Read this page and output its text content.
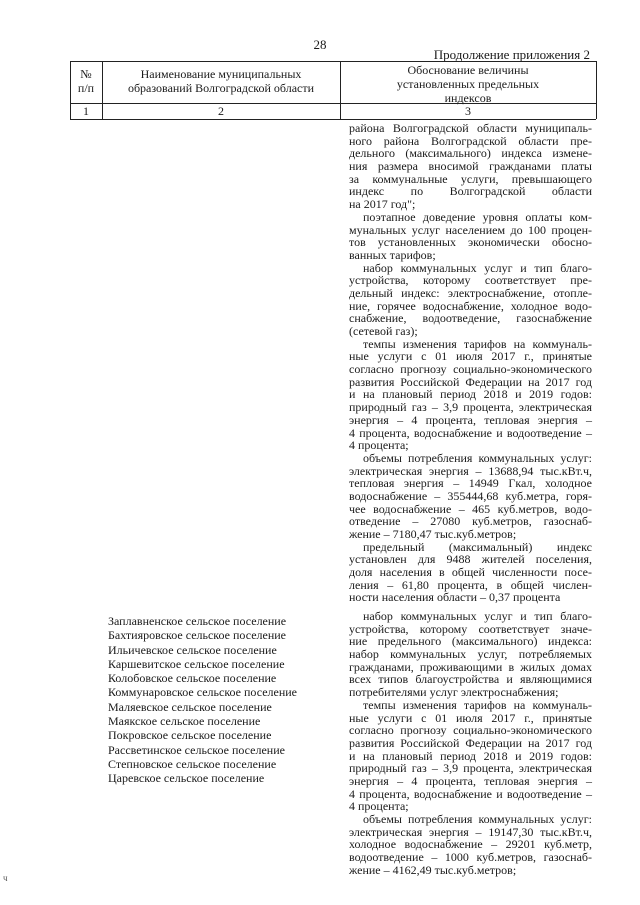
28
Продолжение приложения 2
№
п/п
Наименование муниципальных
образований Волгоградской области
Обоснование величины
установленных предельных
индексов
1	2	3
района Волгоградской области муниципаль-
ного района Волгоградской области пре-
дельного (максимального) индекса измене-
ния размера вносимой гражданами платы
за коммунальные услуги, превышающего
индекс по Волгоградской области
на 2017 год";
поэтапное доведение уровня оплаты ком-
мунальных услуг населением до 100 процен-
тов установленных экономически обосно-
ванных тарифов;
набор коммунальных услуг и тип благо-
устройства, которому соответствует пре-
дельный индекс: электроснабжение, отопле-
ние, горячее водоснабжение, холодное водо-
снабжение, водоотведение, газоснабжение
(сетевой газ);
темпы изменения тарифов на коммуналь-
ные услуги с 01 июля 2017 г., принятые
согласно прогнозу социально-экономического
развития Российской Федерации на 2017 год
и на плановый период 2018 и 2019 годов:
природный газ – 3,9 процента, электрическая
энергия – 4 процента, тепловая энергия –
4 процента, водоснабжение и водоотведение –
4 процента;
объемы потребления коммунальных услуг:
электрическая энергия – 13688,94 тыс.кВт.ч,
тепловая энергия – 14949 Гкал, холодное
водоснабжение – 355444,68 куб.метра, горя-
чее водоснабжение – 465 куб.метров, водо-
отведение – 27080 куб.метров, газоснаб-
жение – 7180,47 тыс.куб.метров;
предельный (максимальный) индекс
установлен для 9488 жителей поселения,
доля населения в общей численности посе-
ления – 61,80 процента, в общей числен-
ности населения области – 0,37 процента
Заплавненское сельское поселение
Бахтияровское сельское поселение
Ильичевское сельское поселение
Каршевитское сельское поселение
Колобовское сельское поселение
Коммунаровское сельское поселение
Маляевское сельское поселение
Маякское сельское поселение
Покровское сельское поселение
Рассветинское сельское поселение
Степновское сельское поселение
Царевское сельское поселение
набор коммунальных услуг и тип благо-
устройства, которому соответствует значе-
ние предельного (максимального) индекса:
набор коммунальных услуг, потребляемых
гражданами, проживающими в жилых домах
всех типов благоустройства и являющимися
потребителями услуг электроснабжения;
темпы изменения тарифов на коммуналь-
ные услуги с 01 июля 2017 г., принятые
согласно прогнозу социально-экономического
развития Российской Федерации на 2017 год
и на плановый период 2018 и 2019 годов:
природный газ – 3,9 процента, электрическая
энергия – 4 процента, тепловая энергия –
4 процента, водоснабжение и водоотведение –
4 процента;
объемы потребления коммунальных услуг:
электрическая энергия – 19147,30 тыс.кВт.ч,
холодное водоснабжение – 29201 куб.метр,
водоотведение – 1000 куб.метров, газоснаб-
жение – 4162,49 тыс.куб.метров;
ч
